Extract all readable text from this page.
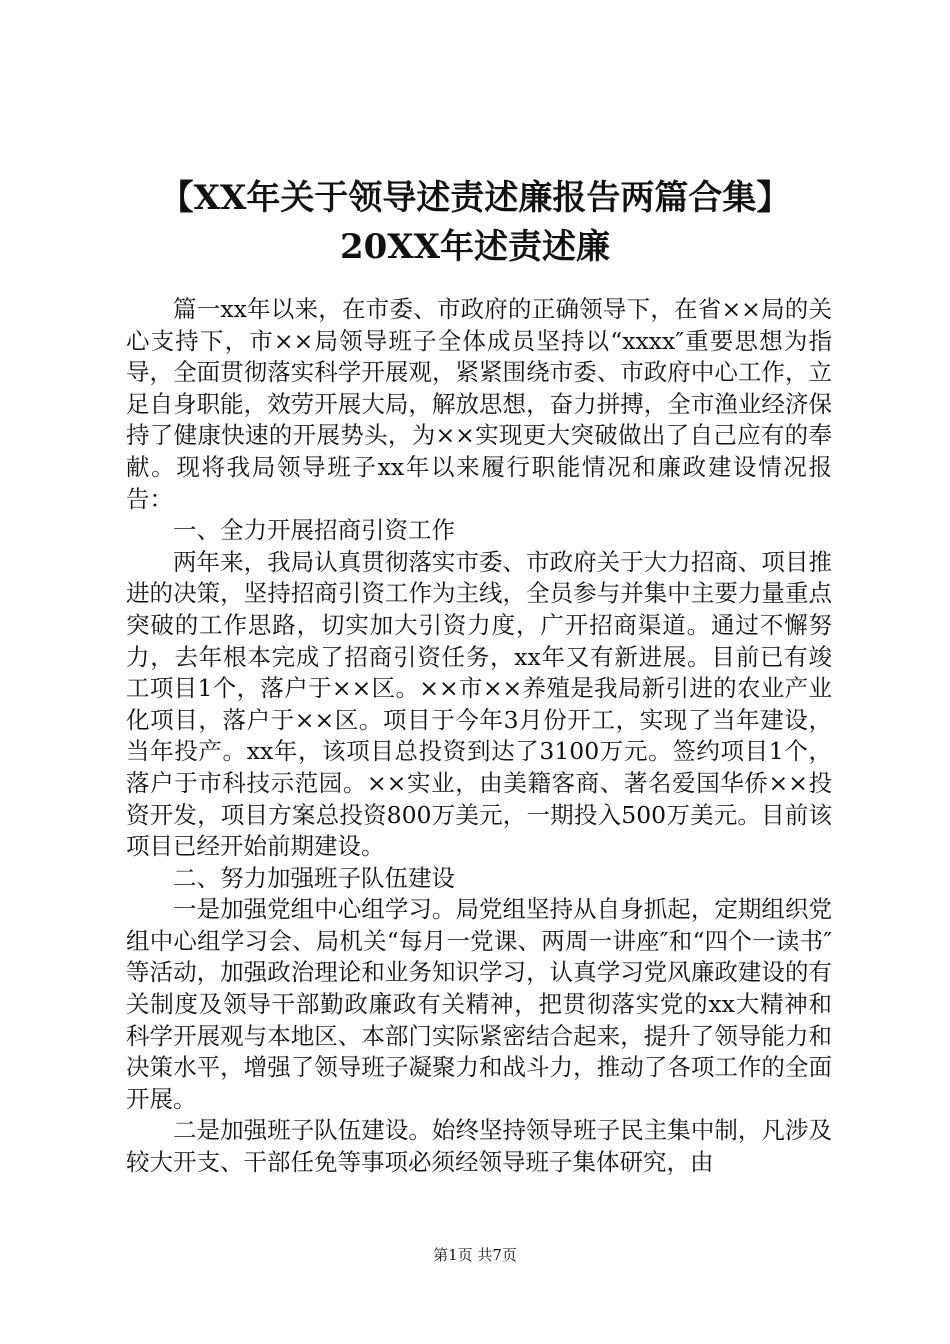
【XX年关于领导述责述廉报告两篇合集】
20XX年述责述廉

篇一xx年以来，在市委、市政府的正确领导下，在省××局的关心支持下，市××局领导班子全体成员坚持以“xxxx″重要思想为指导，全面贯彻落实科学开展观，紧紧围绕市委、市政府中心工作，立足自身职能，效劳开展大局，解放思想，奋力拼搏，全市渔业经济保持了健康快速的开展势头，为××实现更大突破做出了自己应有的奉献。现将我局领导班子xx年以来履行职能情况和廉政建设情况报告：

一、全力开展招商引资工作

两年来，我局认真贯彻落实市委、市政府关于大力招商、项目推进的决策，坚持招商引资工作为主线，全员参与并集中主要力量重点突破的工作思路，切实加大引资力度，广开招商渠道。通过不懈努力，去年根本完成了招商引资任务，xx年又有新进展。目前已有竣工项目1个，落户于××区。××市××养殖是我局新引进的农业产业化项目，落户于××区。项目于今年3月份开工，实现了当年建设，当年投产。xx年，该项目总投资到达了3100万元。签约项目1个，落户于市科技示范园。××实业，由美籍客商、著名爱国华侨××投资开发，项目方案总投资800万美元，一期投入500万美元。目前该项目已经开始前期建设。

二、努力加强班子队伍建设

一是加强党组中心组学习。局党组坚持从自身抓起，定期组织党组中心组学习会、局机关“每月一党课、两周一讲座″和“四个一读书″等活动，加强政治理论和业务知识学习，认真学习党风廉政建设的有关制度及领导干部勤政廉政有关精神，把贯彻落实党的xx大精神和科学开展观与本地区、本部门实际紧密结合起来，提升了领导能力和决策水平，增强了领导班子凝聚力和战斗力，推动了各项工作的全面开展。

二是加强班子队伍建设。始终坚持领导班子民主集中制，凡涉及较大开支、干部任免等事项必须经领导班子集体研究，由

第1页 共7页
